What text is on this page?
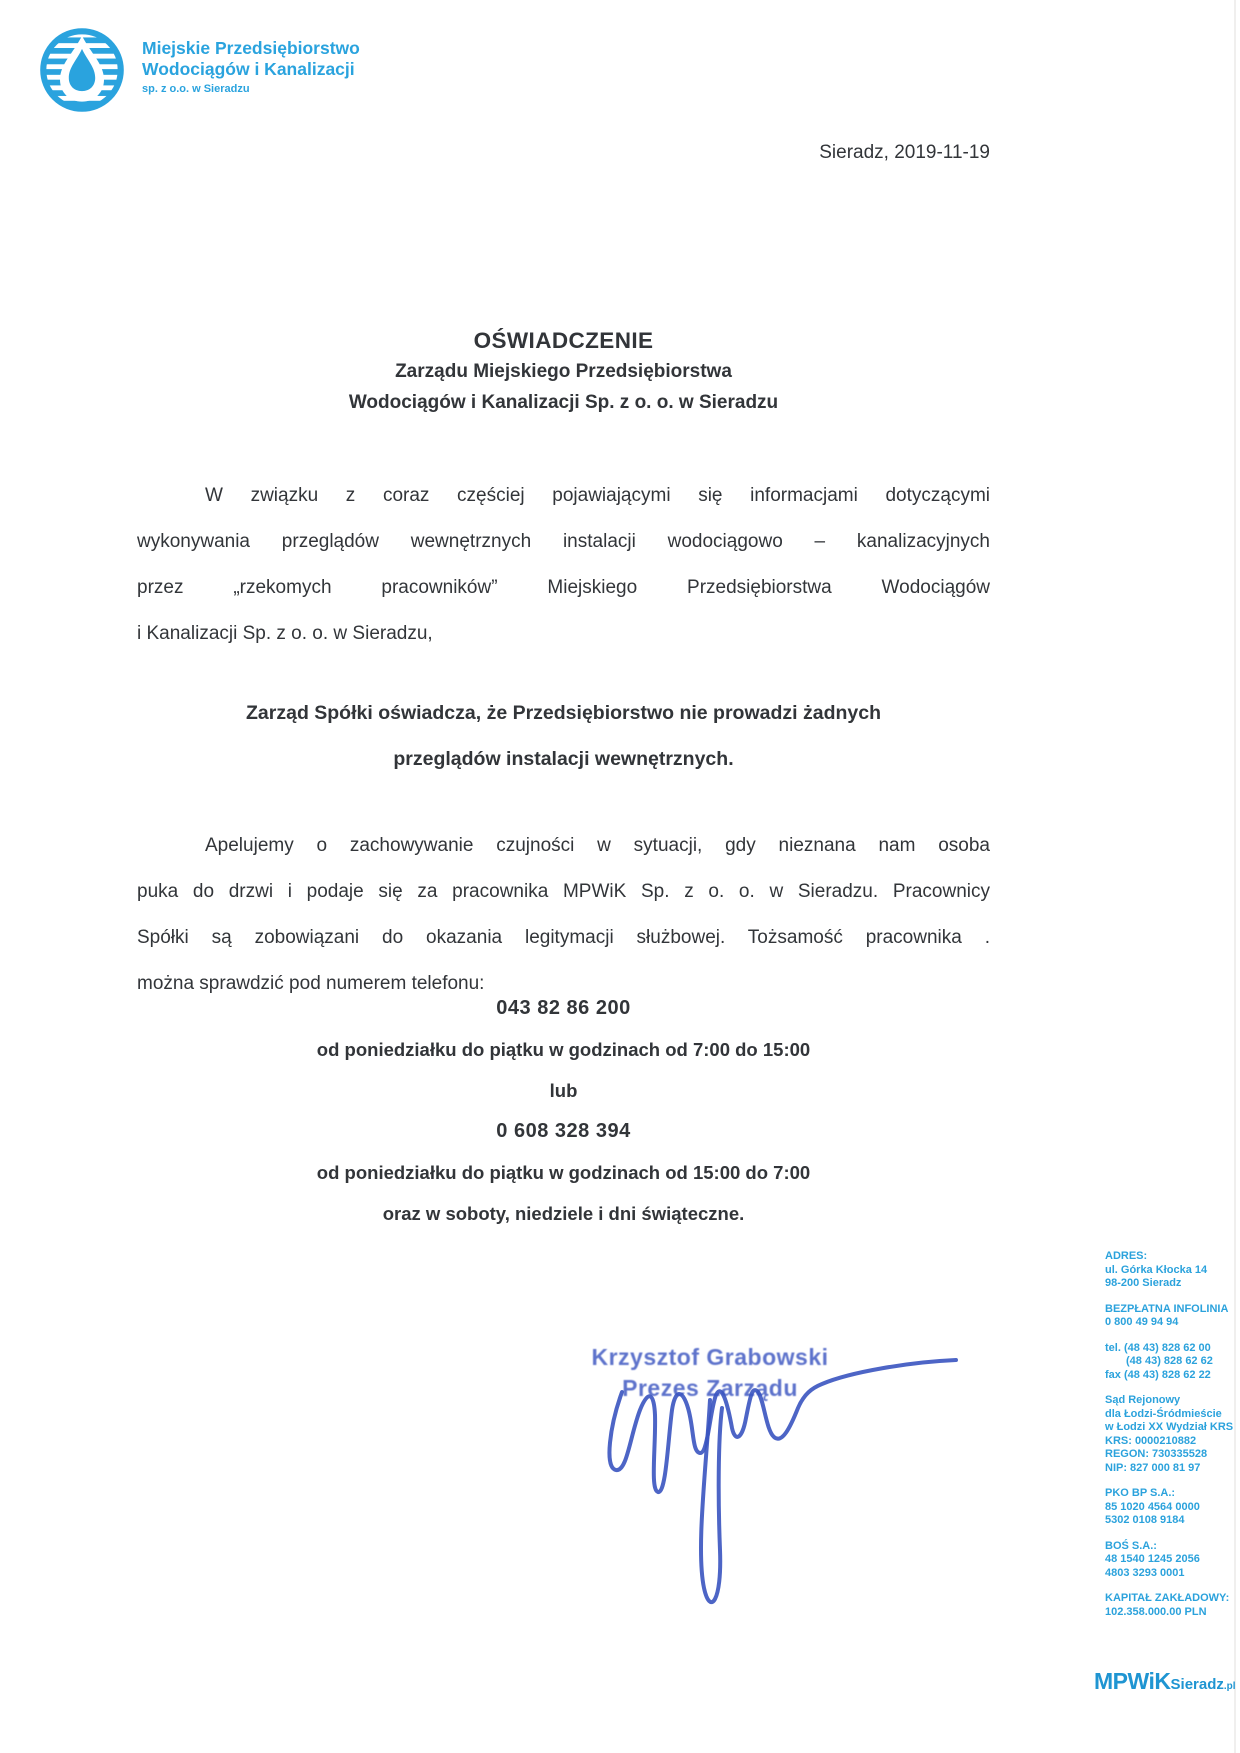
Miejskie Przedsiębiorstwo
Wodociągów i Kanalizacji
sp. z o.o. w Sieradzu
Sieradz, 2019-11-19
OŚWIADCZENIE
Zarządu Miejskiego Przedsiębiorstwa
Wodociągów i Kanalizacji Sp. z o. o. w Sieradzu
W związku z coraz częściej pojawiającymi się informacjami dotyczącymi
wykonywania przeglądów wewnętrznych instalacji wodociągowo – kanalizacyjnych
przez „rzekomych pracowników” Miejskiego Przedsiębiorstwa Wodociągów
i Kanalizacji Sp. z o. o. w Sieradzu,
Zarząd Spółki oświadcza, że Przedsiębiorstwo nie prowadzi żadnych
przeglądów instalacji wewnętrznych.
Apelujemy o zachowywanie czujności w sytuacji, gdy nieznana nam osoba
puka do drzwi i podaje się za pracownika MPWiK Sp. z o. o. w Sieradzu. Pracownicy
Spółki są zobowiązani do okazania legitymacji służbowej. Tożsamość pracownika .
można sprawdzić pod numerem telefonu:
043 82 86 200
od poniedziałku do piątku w godzinach od 7:00 do 15:00
lub
0 608 328 394
od poniedziałku do piątku w godzinach od 15:00 do 7:00
oraz w soboty, niedziele i dni świąteczne.
Krzysztof Grabowski
Prezes Zarządu
ADRES:
ul. Górka Kłocka 14
98-200 Sieradz
BEZPŁATNA INFOLINIA
0 800 49 94 94
tel. (48 43) 828 62 00
(48 43) 828 62 62
fax (48 43) 828 62 22
Sąd Rejonowy
dla Łodzi-Śródmieście
w Łodzi XX Wydział KRS
KRS: 0000210882
REGON: 730335528
NIP: 827 000 81 97
PKO BP S.A.:
85 1020 4564 0000
5302 0108 9184
BOŚ S.A.:
48 1540 1245 2056
4803 3293 0001
KAPITAŁ ZAKŁADOWY:
102.358.000.00 PLN
MPWiKSieradz.pl
